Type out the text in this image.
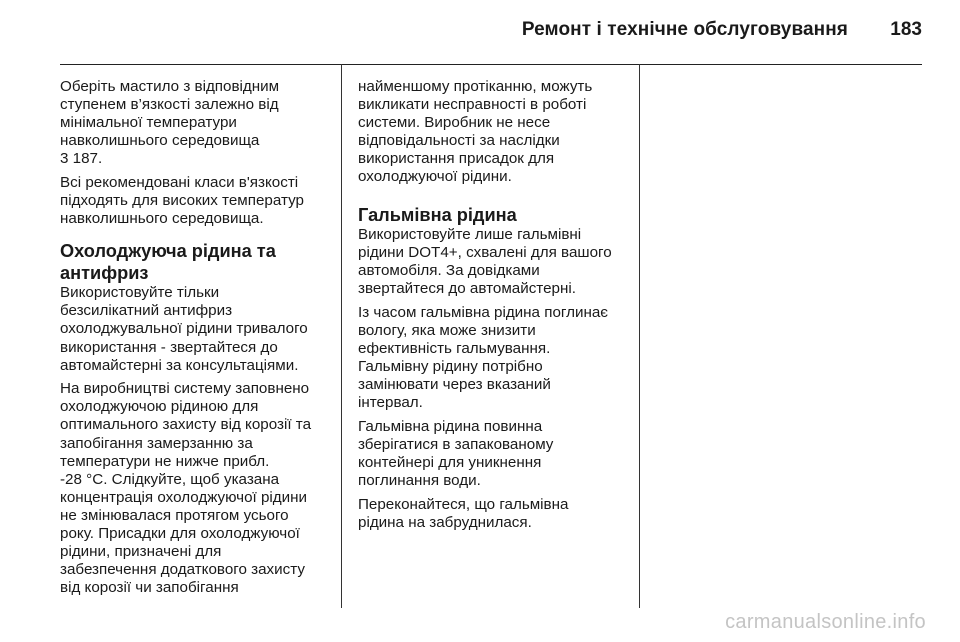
Ремонт і технічне обслуговування 183

Оберіть мастило з відповідним
ступенем в’язкості залежно від
мінімальної температури
навколишнього середовища
3 187.

Всі рекомендовані класи в'язкості
підходять для високих температур
навколишнього середовища.

Охолоджуюча рідина та
антифриз

Використовуйте тільки
безсилікатний антифриз
охолоджувальної рідини тривалого
використання - звертайтеся до
автомайстерні за консультаціями.

На виробництві систему заповнено
охолоджуючою рідиною для
оптимального захисту від корозії та
запобігання замерзанню за
температури не нижче прибл.
-28 °C. Слідкуйте, щоб указана
концентрація охолоджуючої рідини
не змінювалася протягом усього
року. Присадки для охолоджуючої
рідини, призначені для
забезпечення додаткового захисту
від корозії чи запобігання

найменшому протіканню, можуть
викликати несправності в роботі
системи. Виробник не несе
відповідальності за наслідки
використання присадок для
охолоджуючої рідини.

Гальмівна рідина

Використовуйте лише гальмівні
рідини DOT4+, схвалені для вашого
автомобіля. За довідками
звертайтеся до автомайстерні.

Із часом гальмівна рідина поглинає
вологу, яка може знизити
ефективність гальмування.
Гальмівну рідину потрібно
замінювати через вказаний
інтервал.

Гальмівна рідина повинна
зберігатися в запакованому
контейнері для уникнення
поглинання води.

Переконайтеся, що гальмівна
рідина на забруднилася.

carmanualsonline.info
